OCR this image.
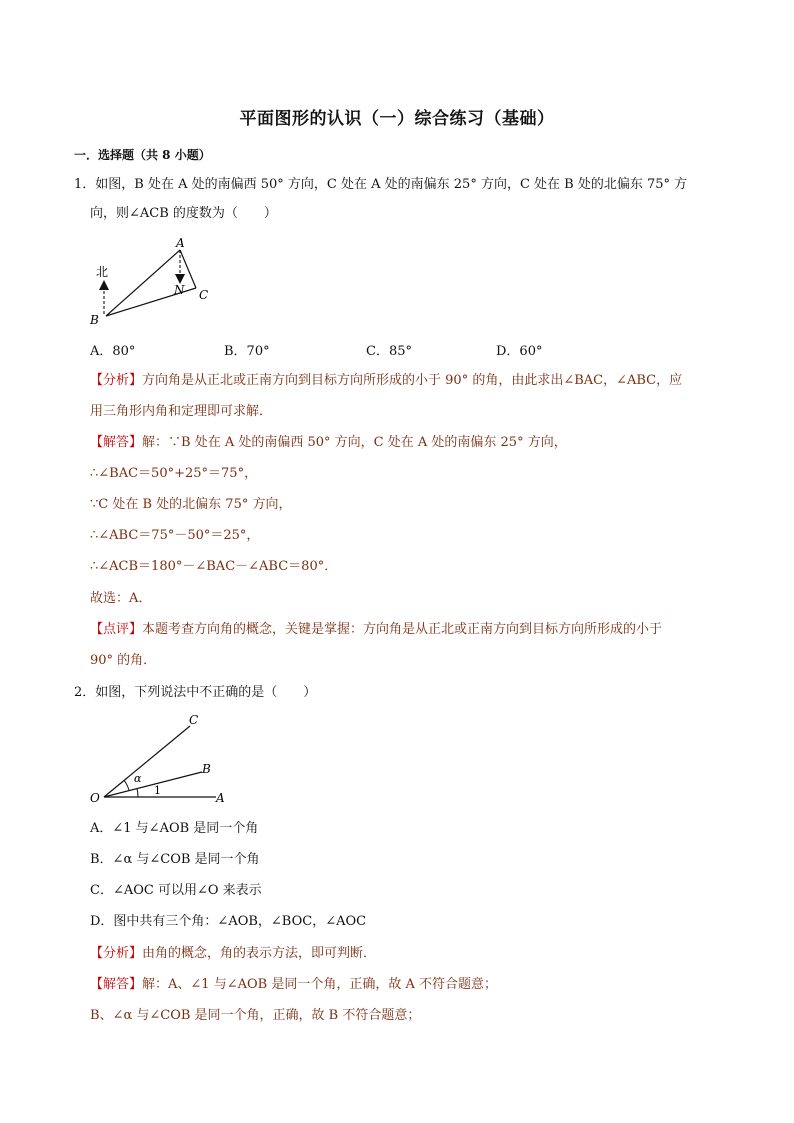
平面图形的认识（一）综合练习（基础）
一．选择题（共 8 小题）
1．如图，B 处在 A 处的南偏西 50° 方向，C 处在 A 处的南偏东 25° 方向，C 处在 B 处的北偏东 75° 方
向，则∠ACB 的度数为（　　）
A
N C
B
北
A．80°	B．70°	C．85°	D．60°
【分析】方向角是从正北或正南方向到目标方向所形成的小于 90° 的角，由此求出∠BAC，∠ABC，应
用三角形内角和定理即可求解．
【解答】解：∵B 处在 A 处的南偏西 50° 方向，C 处在 A 处的南偏东 25° 方向，
∴∠BAC＝50°+25°＝75°，
∵C 处在 B 处的北偏东 75° 方向，
∴∠ABC＝75°－50°＝25°，
∴∠ACB＝180°－∠BAC－∠ABC＝80°．
故选：A．
【点评】本题考查方向角的概念，关键是掌握：方向角是从正北或正南方向到目标方向所形成的小于
90° 的角．
2．如图，下列说法中不正确的是（　　）
C
B
O	A
α
1
A．∠1 与∠AOB 是同一个角
B．∠α 与∠COB 是同一个角
C．∠AOC 可以用∠O 来表示
D．图中共有三个角：∠AOB，∠BOC，∠AOC
【分析】由角的概念，角的表示方法，即可判断．
【解答】解：A、∠1 与∠AOB 是同一个角，正确，故 A 不符合题意；
B、∠α 与∠COB 是同一个角，正确，故 B 不符合题意；
